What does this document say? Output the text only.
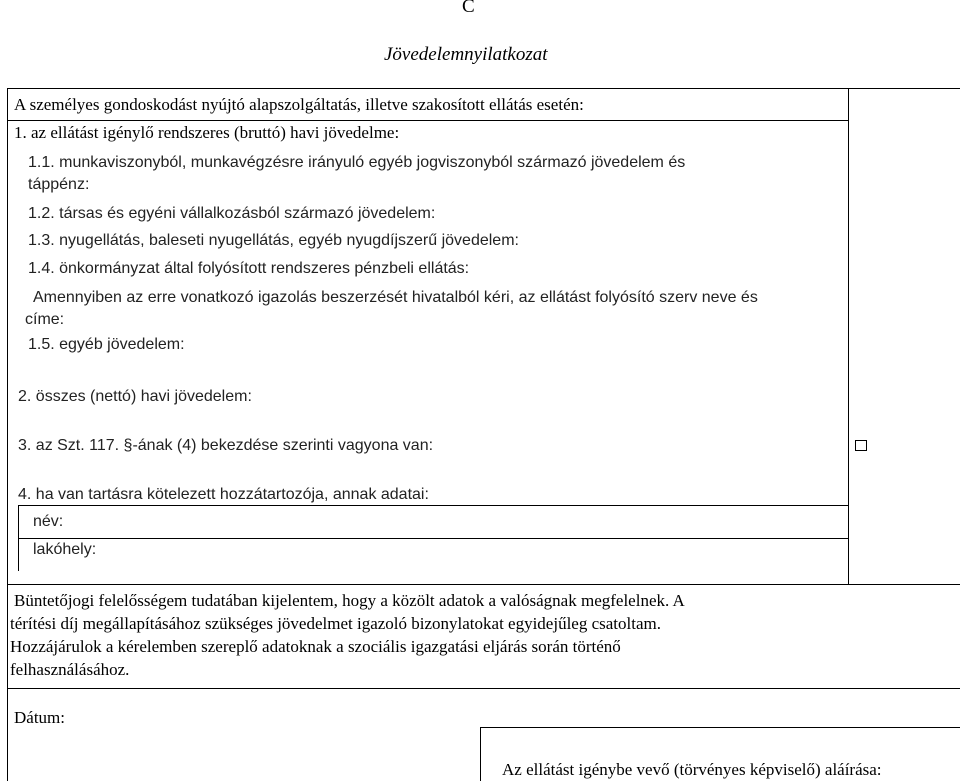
C
Jövedelemnyilatkozat
A személyes gondoskodást nyújtó alapszolgáltatás, illetve szakosított ellátás esetén:
1. az ellátást igénylő rendszeres (bruttó) havi jövedelme:
1.1. munkaviszonyból, munkavégzésre irányuló egyéb jogviszonyból származó jövedelem és
táppénz:
1.2. társas és egyéni vállalkozásból származó jövedelem:
1.3. nyugellátás, baleseti nyugellátás, egyéb nyugdíjszerű jövedelem:
1.4. önkormányzat által folyósított rendszeres pénzbeli ellátás:
Amennyiben az erre vonatkozó igazolás beszerzését hivatalból kéri, az ellátást folyósító szerv neve és
címe:
1.5. egyéb jövedelem:
2. összes (nettó) havi jövedelem:
3. az Szt. 117. §-ának (4) bekezdése szerinti vagyona van:
4. ha van tartásra kötelezett hozzátartozója, annak adatai:
név:
lakóhely:
Büntetőjogi felelősségem tudatában kijelentem, hogy a közölt adatok a valóságnak megfelelnek. A
térítési díj megállapításához szükséges jövedelmet igazoló bizonylatokat egyidejűleg csatoltam.
Hozzájárulok a kérelemben szereplő adatoknak a szociális igazgatási eljárás során történő
felhasználásához.
Dátum:
Az ellátást igénybe vevő (törvényes képviselő) aláírása:
